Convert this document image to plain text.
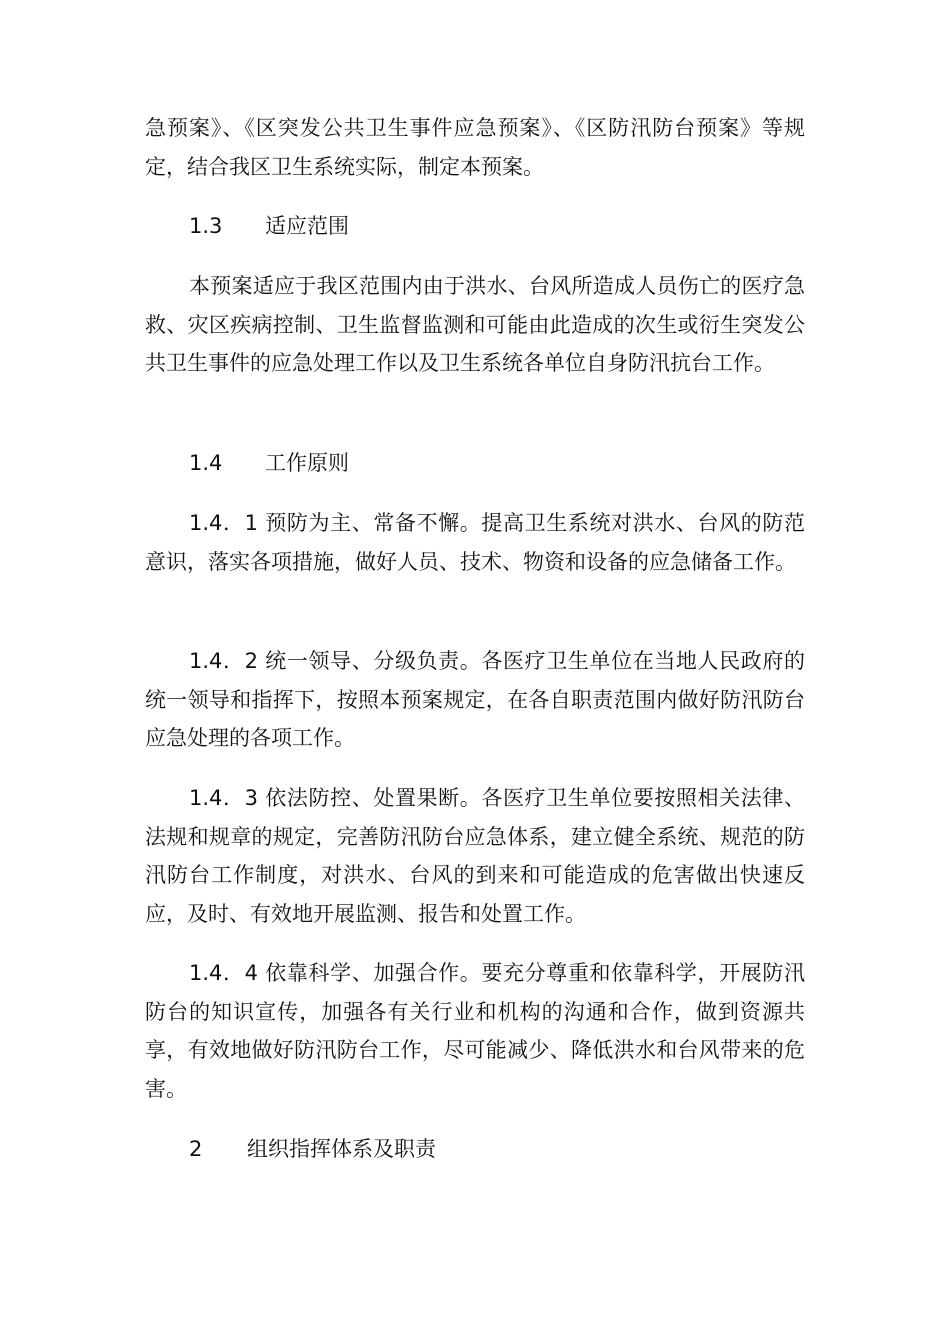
急预案》、《区突发公共卫生事件应急预案》、《区防汛防台预案》等规定，结合我区卫生系统实际，制定本预案。

1.3 适应范围

本预案适应于我区范围内由于洪水、台风所造成人员伤亡的医疗急救、灾区疾病控制、卫生监督监测和可能由此造成的次生或衍生突发公共卫生事件的应急处理工作以及卫生系统各单位自身防汛抗台工作。

1.4 工作原则

1.4．1 预防为主、常备不懈。提高卫生系统对洪水、台风的防范意识，落实各项措施，做好人员、技术、物资和设备的应急储备工作。

1.4．2 统一领导、分级负责。各医疗卫生单位在当地人民政府的统一领导和指挥下，按照本预案规定，在各自职责范围内做好防汛防台应急处理的各项工作。

1.4．3 依法防控、处置果断。各医疗卫生单位要按照相关法律、法规和规章的规定，完善防汛防台应急体系，建立健全系统、规范的防汛防台工作制度，对洪水、台风的到来和可能造成的危害做出快速反应，及时、有效地开展监测、报告和处置工作。

1.4．4 依靠科学、加强合作。要充分尊重和依靠科学，开展防汛防台的知识宣传，加强各有关行业和机构的沟通和合作，做到资源共享，有效地做好防汛防台工作，尽可能减少、降低洪水和台风带来的危害。

2 组织指挥体系及职责
